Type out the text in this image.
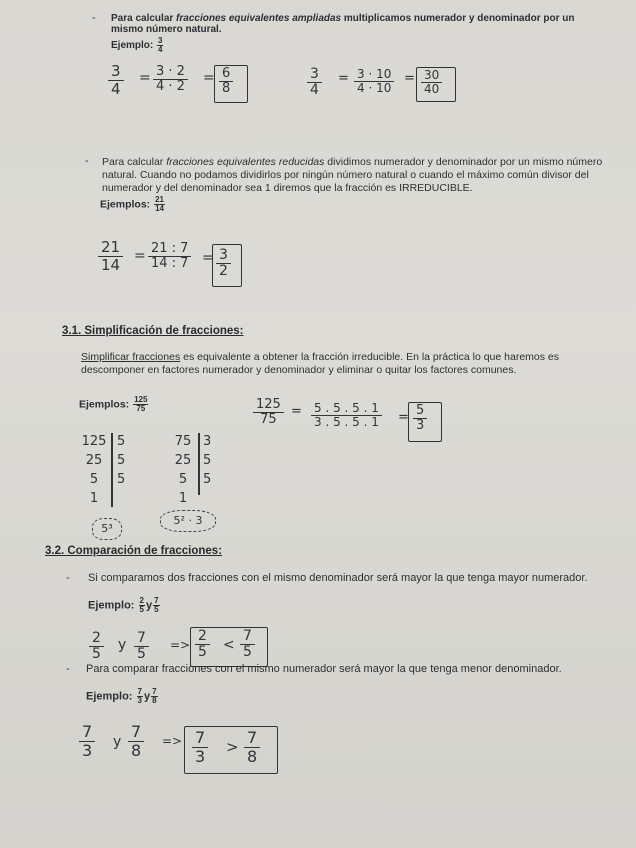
- Para calcular fracciones equivalentes ampliadas multiplicamos numerador y denominador por un mismo número natural.
Ejemplo: $\frac{3}{4}$
3
4
= 3 · 2
4 · 2
= 6
8
3
4
= 3 · 10
4 · 10
= 30
40
- Para calcular fracciones equivalentes reducidas dividimos numerador y denominador por un mismo número natural. Cuando no podamos dividirlos por ningún número natural o cuando el máximo común divisor del numerador y del denominador sea 1 diremos que la fracción es IRREDUCIBLE.
Ejemplos: $\frac{21}{14}$
21
14 = 21 : 7
14 : 7 = 3
2
3.1. Simplificación de fracciones:
Simplificar fracciones es equivalente a obtener la fracción irreducible. En la práctica lo que haremos es descomponer en factores numerador y denominador y eliminar o quitar los factores comunes.
Ejemplos: $\frac{125}{75}$	125
75
= 5 . 5 . 5 . 1
3 . 5 . 5 . 1 = 5
3
125
25
5
1
5
5
5
5³
75
25
5
1
3
5
5
5² · 3
3.2. Comparación de fracciones:
- Si comparamos dos fracciones con el mismo denominador será mayor la que tenga mayor numerador.
Ejemplo: $\frac{2}{5}$ y $\frac{7}{5}$
2
5
y 7
5
=>
2
5 <
7
5
- Para comparar fracciones con el mismo numerador será mayor la que tenga menor denominador.
Ejemplo: $\frac{7}{3}$ y $\frac{7}{8}$
7
3 y
7
8 => 7
3 > 7
8
